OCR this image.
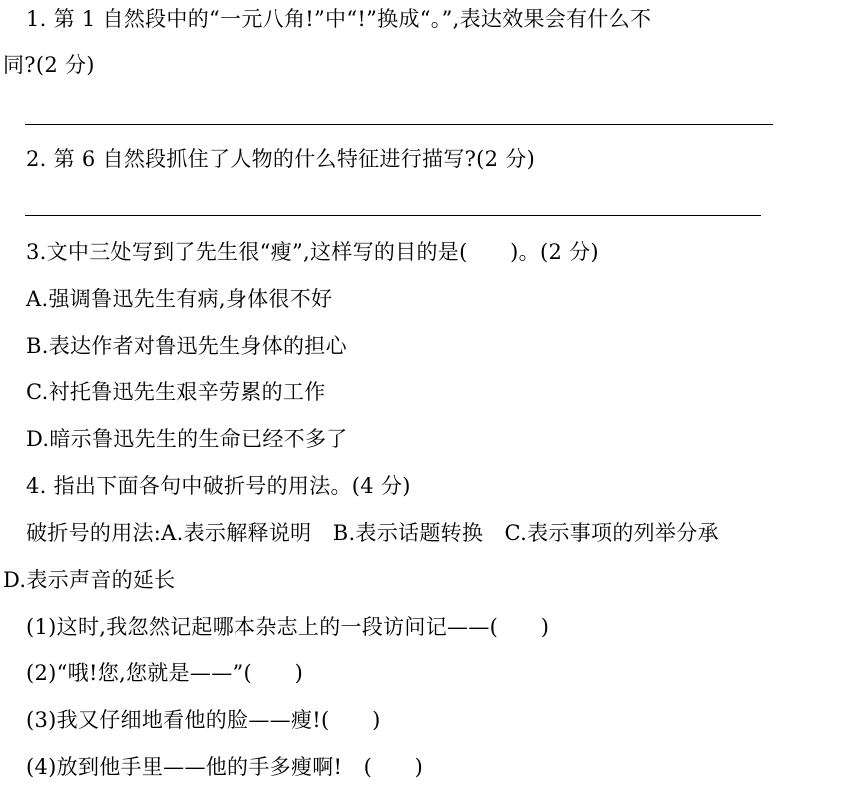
1. 第 1 自然段中的“一元八角!”中“!”换成“。”,表达效果会有什么不
同?(2 分)
2. 第 6 自然段抓住了人物的什么特征进行描写?(2 分)
3.文中三处写到了先生很“瘦”,这样写的目的是(　　)。(2 分)
A.强调鲁迅先生有病,身体很不好
B.表达作者对鲁迅先生身体的担心
C.衬托鲁迅先生艰辛劳累的工作
D.暗示鲁迅先生的生命已经不多了
4. 指出下面各句中破折号的用法。(4 分)
破折号的用法:A.表示解释说明　B.表示话题转换　C.表示事项的列举分承
D.表示声音的延长
(1)这时,我忽然记起哪本杂志上的一段访问记——(　　)
(2)“哦!您,您就是——”(　　)
(3)我又仔细地看他的脸——瘦!(　　)
(4)放到他手里——他的手多瘦啊!　(　　)
